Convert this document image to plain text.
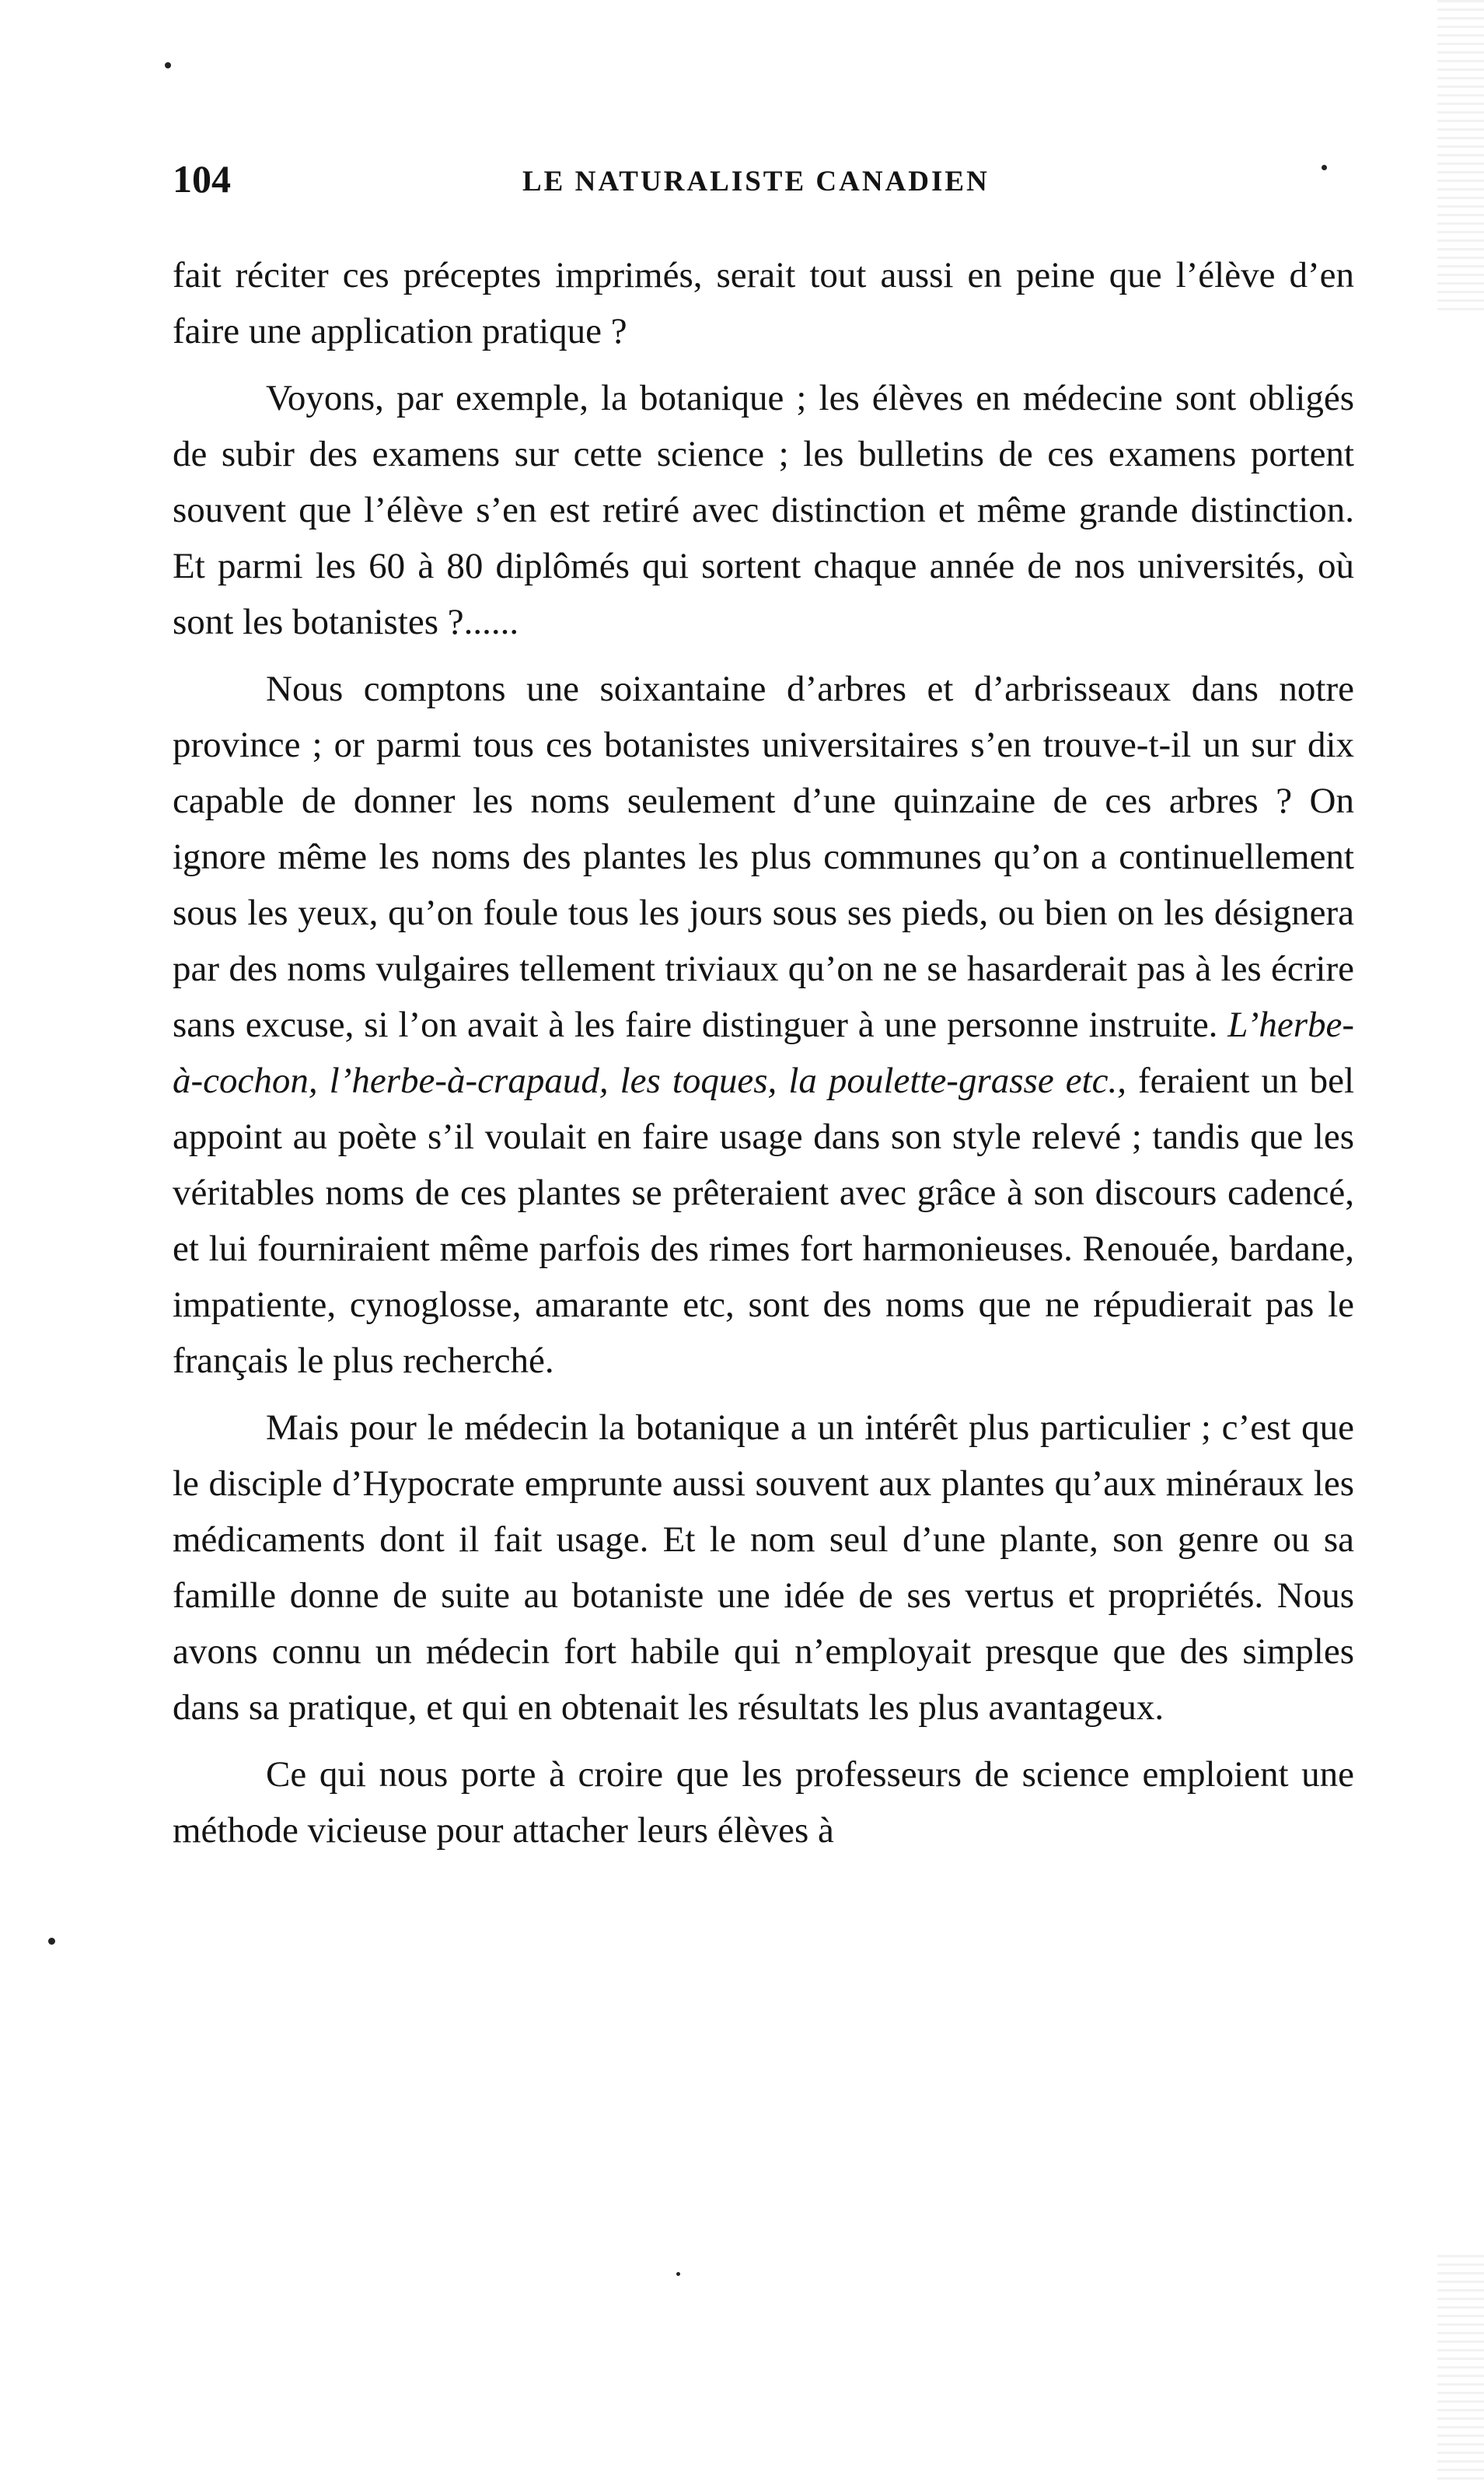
104	LE NATURALISTE CANADIEN

fait réciter ces préceptes imprimés, serait tout aussi en peine que l’élève d’en faire une application pratique ?

Voyons, par exemple, la botanique ; les élèves en médecine sont obligés de subir des examens sur cette science ; les bulletins de ces examens portent souvent que l’élève s’en est retiré avec distinction et même grande distinction. Et parmi les 60 à 80 diplômés qui sortent chaque année de nos universités, où sont les botanistes ?......

Nous comptons une soixantaine d’arbres et d’arbrisseaux dans notre province ; or parmi tous ces botanistes universitaires s’en trouve-t-il un sur dix capable de donner les noms seulement d’une quinzaine de ces arbres ? On ignore même les noms des plantes les plus communes qu’on a continuellement sous les yeux, qu’on foule tous les jours sous ses pieds, ou bien on les désignera par des noms vulgaires tellement triviaux qu’on ne se hasarderait pas à les écrire sans excuse, si l’on avait à les faire distinguer à une personne instruite. L’herbe-à-cochon, l’herbe-à-crapaud, les toques, la poulette-grasse etc., feraient un bel appoint au poète s’il voulait en faire usage dans son style relevé ; tandis que les véritables noms de ces plantes se prêteraient avec grâce à son discours cadencé, et lui fourniraient même parfois des rimes fort harmonieuses. Renouée, bardane, impatiente, cynoglosse, amarante etc, sont des noms que ne répudierait pas le français le plus recherché.

Mais pour le médecin la botanique a un intérêt plus particulier ; c’est que le disciple d’Hypocrate emprunte aussi souvent aux plantes qu’aux minéraux les médicaments dont il fait usage. Et le nom seul d’une plante, son genre ou sa famille donne de suite au botaniste une idée de ses vertus et propriétés. Nous avons connu un médecin fort habile qui n’employait presque que des simples dans sa pratique, et qui en obtenait les résultats les plus avantageux.

Ce qui nous porte à croire que les professeurs de science emploient une méthode vicieuse pour attacher leurs élèves à
